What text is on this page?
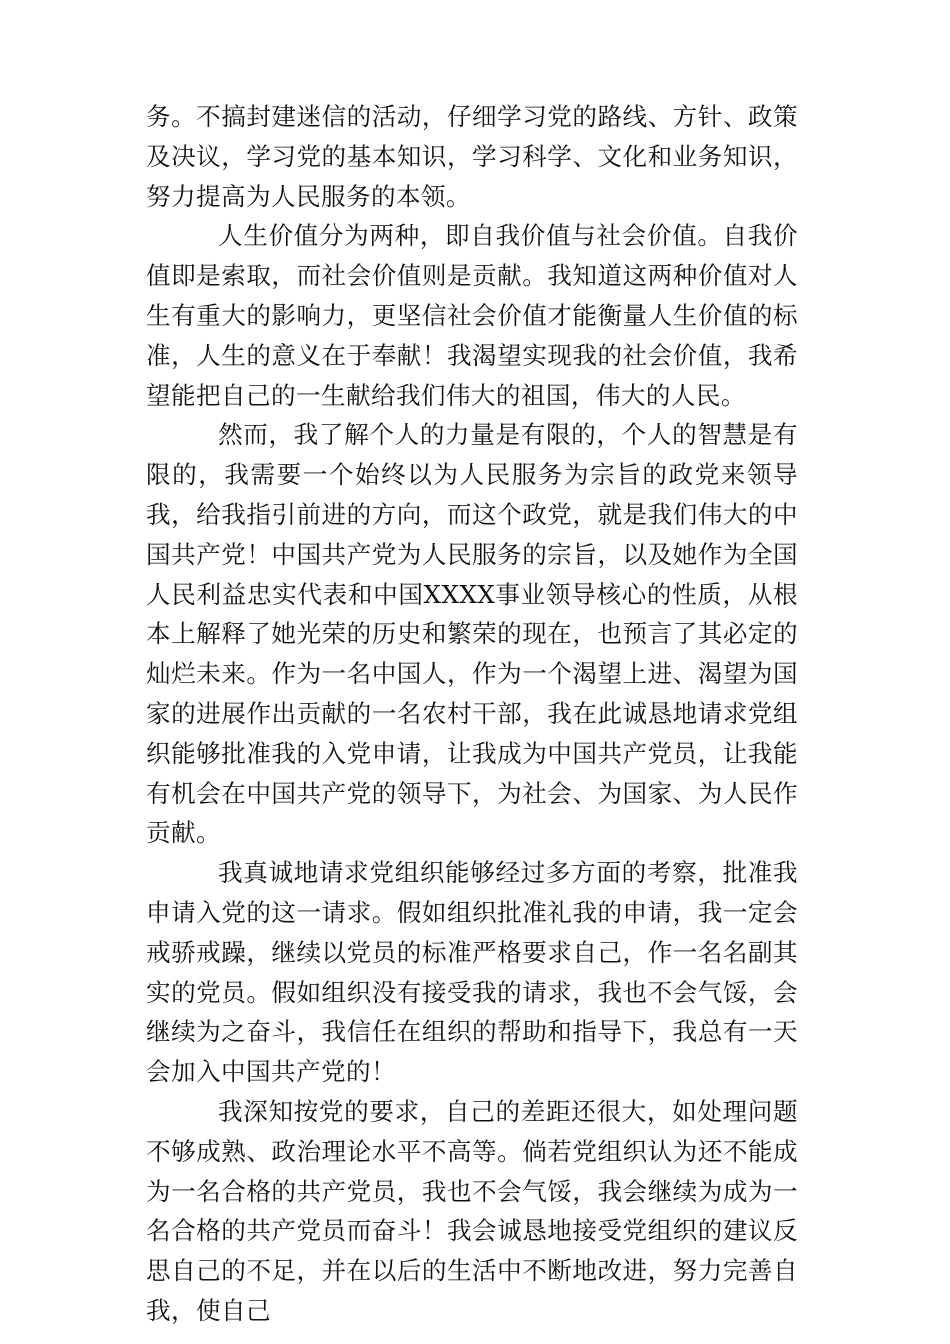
务。不搞封建迷信的活动，仔细学习党的路线、方针、政策及决议，学习党的基本知识，学习科学、文化和业务知识，努力提高为人民服务的本领。

人生价值分为两种，即自我价值与社会价值。自我价值即是索取，而社会价值则是贡献。我知道这两种价值对人生有重大的影响力，更坚信社会价值才能衡量人生价值的标准，人生的意义在于奉献！我渴望实现我的社会价值，我希望能把自己的一生献给我们伟大的祖国，伟大的人民。

然而，我了解个人的力量是有限的，个人的智慧是有限的，我需要一个始终以为人民服务为宗旨的政党来领导我，给我指引前进的方向，而这个政党，就是我们伟大的中国共产党！中国共产党为人民服务的宗旨，以及她作为全国人民利益忠实代表和中国XXXX事业领导核心的性质，从根本上解释了她光荣的历史和繁荣的现在，也预言了其必定的灿烂未来。作为一名中国人，作为一个渴望上进、渴望为国家的进展作出贡献的一名农村干部，我在此诚恳地请求党组织能够批准我的入党申请，让我成为中国共产党员，让我能有机会在中国共产党的领导下，为社会、为国家、为人民作贡献。

我真诚地请求党组织能够经过多方面的考察，批准我申请入党的这一请求。假如组织批准礼我的申请，我一定会戒骄戒躁，继续以党员的标准严格要求自己，作一名名副其实的党员。假如组织没有接受我的请求，我也不会气馁，会继续为之奋斗，我信任在组织的帮助和指导下，我总有一天会加入中国共产党的！

我深知按党的要求，自己的差距还很大，如处理问题不够成熟、政治理论水平不高等。倘若党组织认为还不能成为一名合格的共产党员，我也不会气馁，我会继续为成为一名合格的共产党员而奋斗！我会诚恳地接受党组织的建议反思自己的不足，并在以后的生活中不断地改进，努力完善自我，使自己
